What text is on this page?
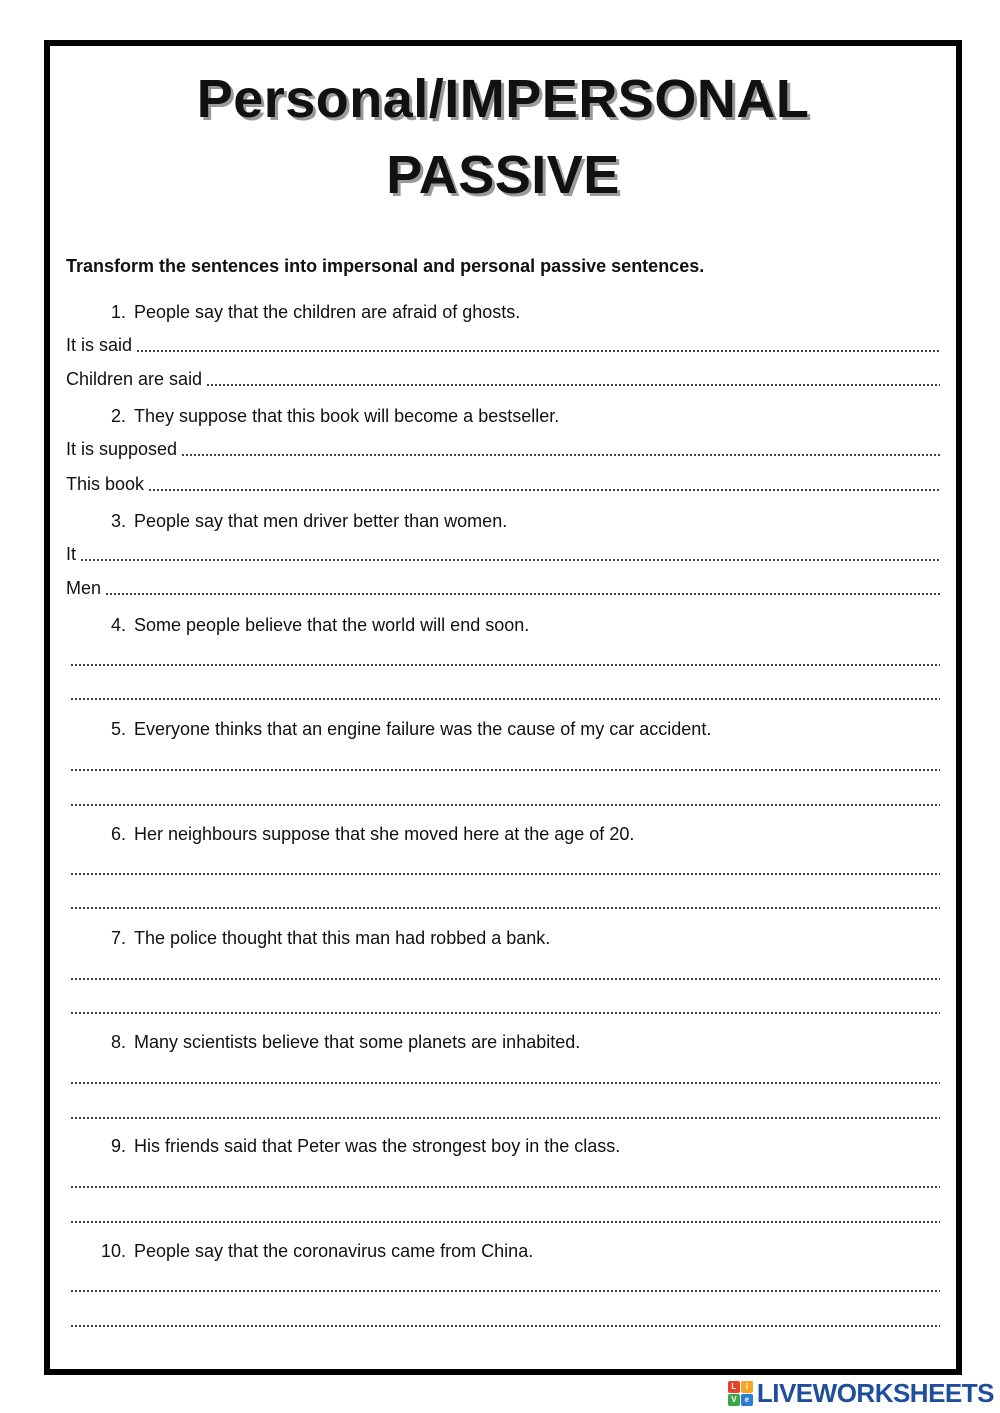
Personal/IMPERSONAL
PASSIVE
Transform the sentences into impersonal and personal passive sentences.
1. People say that the children are afraid of ghosts.
It is said
Children are said
2. They suppose that this book will become a bestseller.
It is supposed
This book
3. People say that men driver better than women.
It
Men
4. Some people believe that the world will end soon.
5. Everyone thinks that an engine failure was the cause of my car accident.
6. Her neighbours suppose that she moved here at the age of 20.
7. The police thought that this man had robbed a bank.
8. Many scientists believe that some planets are inhabited.
9. His friends said that Peter was the strongest boy in the class.
10. People say that the coronavirus came from China.
L	i
V	e LIVEWORKSHEETS
